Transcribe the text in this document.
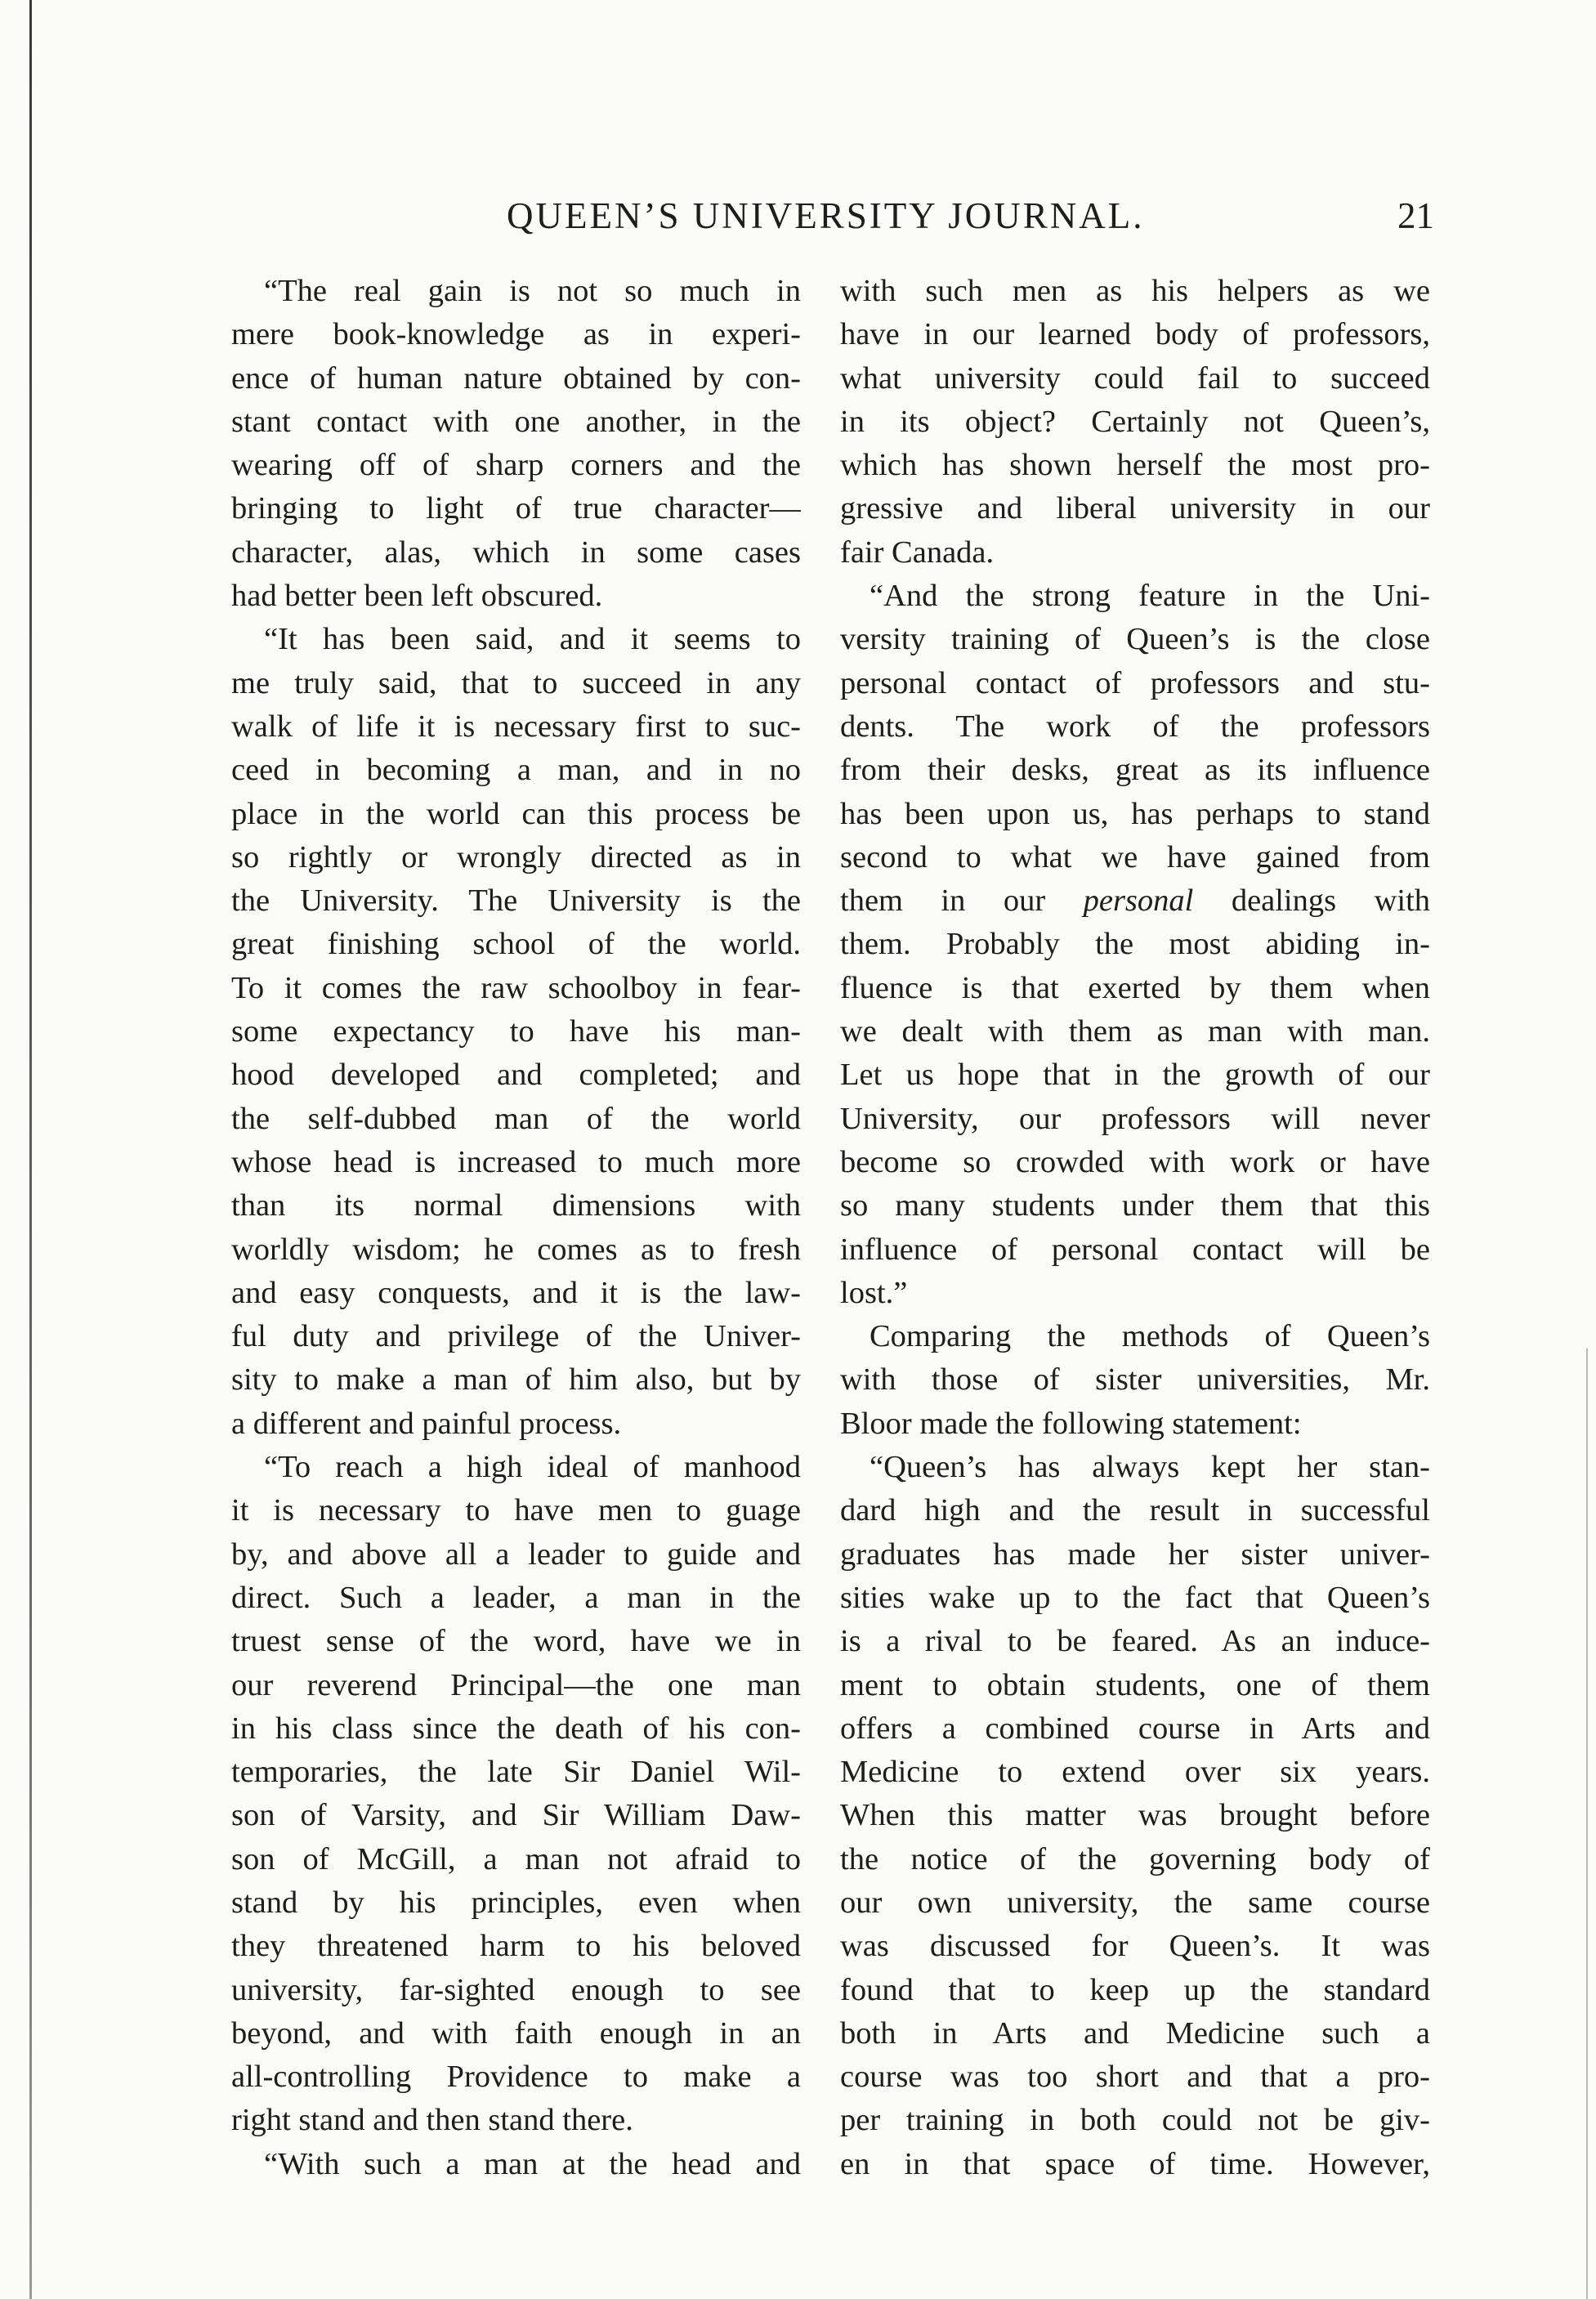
QUEEN’S UNIVERSITY JOURNAL.	21
“The real gain is not so much in
mere book-knowledge as in experi-
ence of human nature obtained by con-
stant contact with one another, in the
wearing off of sharp corners and the
bringing to light of true character—
character, alas, which in some cases
had better been left obscured.
“It has been said, and it seems to
me truly said, that to succeed in any
walk of life it is necessary first to suc-
ceed in becoming a man, and in no
place in the world can this process be
so rightly or wrongly directed as in
the University. The University is the
great finishing school of the world.
To it comes the raw schoolboy in fear-
some expectancy to have his man-
hood developed and completed; and
the self-dubbed man of the world
whose head is increased to much more
than its normal dimensions with
worldly wisdom; he comes as to fresh
and easy conquests, and it is the law-
ful duty and privilege of the Univer-
sity to make a man of him also, but by
a different and painful process.
“To reach a high ideal of manhood
it is necessary to have men to guage
by, and above all a leader to guide and
direct. Such a leader, a man in the
truest sense of the word, have we in
our reverend Principal—the one man
in his class since the death of his con-
temporaries, the late Sir Daniel Wil-
son of Varsity, and Sir William Daw-
son of McGill, a man not afraid to
stand by his principles, even when
they threatened harm to his beloved
university, far-sighted enough to see
beyond, and with faith enough in an
all-controlling Providence to make a
right stand and then stand there.
“With such a man at the head and
with such men as his helpers as we
have in our learned body of professors,
what university could fail to succeed
in its object? Certainly not Queen’s,
which has shown herself the most pro-
gressive and liberal university in our
fair Canada.
“And the strong feature in the Uni-
versity training of Queen’s is the close
personal contact of professors and stu-
dents. The work of the professors
from their desks, great as its influence
has been upon us, has perhaps to stand
second to what we have gained from
them in our personal dealings with
them. Probably the most abiding in-
fluence is that exerted by them when
we dealt with them as man with man.
Let us hope that in the growth of our
University, our professors will never
become so crowded with work or have
so many students under them that this
influence of personal contact will be
lost.”
Comparing the methods of Queen’s
with those of sister universities, Mr.
Bloor made the following statement:
“Queen’s has always kept her stan-
dard high and the result in successful
graduates has made her sister univer-
sities wake up to the fact that Queen’s
is a rival to be feared. As an induce-
ment to obtain students, one of them
offers a combined course in Arts and
Medicine to extend over six years.
When this matter was brought before
the notice of the governing body of
our own university, the same course
was discussed for Queen’s. It was
found that to keep up the standard
both in Arts and Medicine such a
course was too short and that a pro-
per training in both could not be giv-
en in that space of time. However,
